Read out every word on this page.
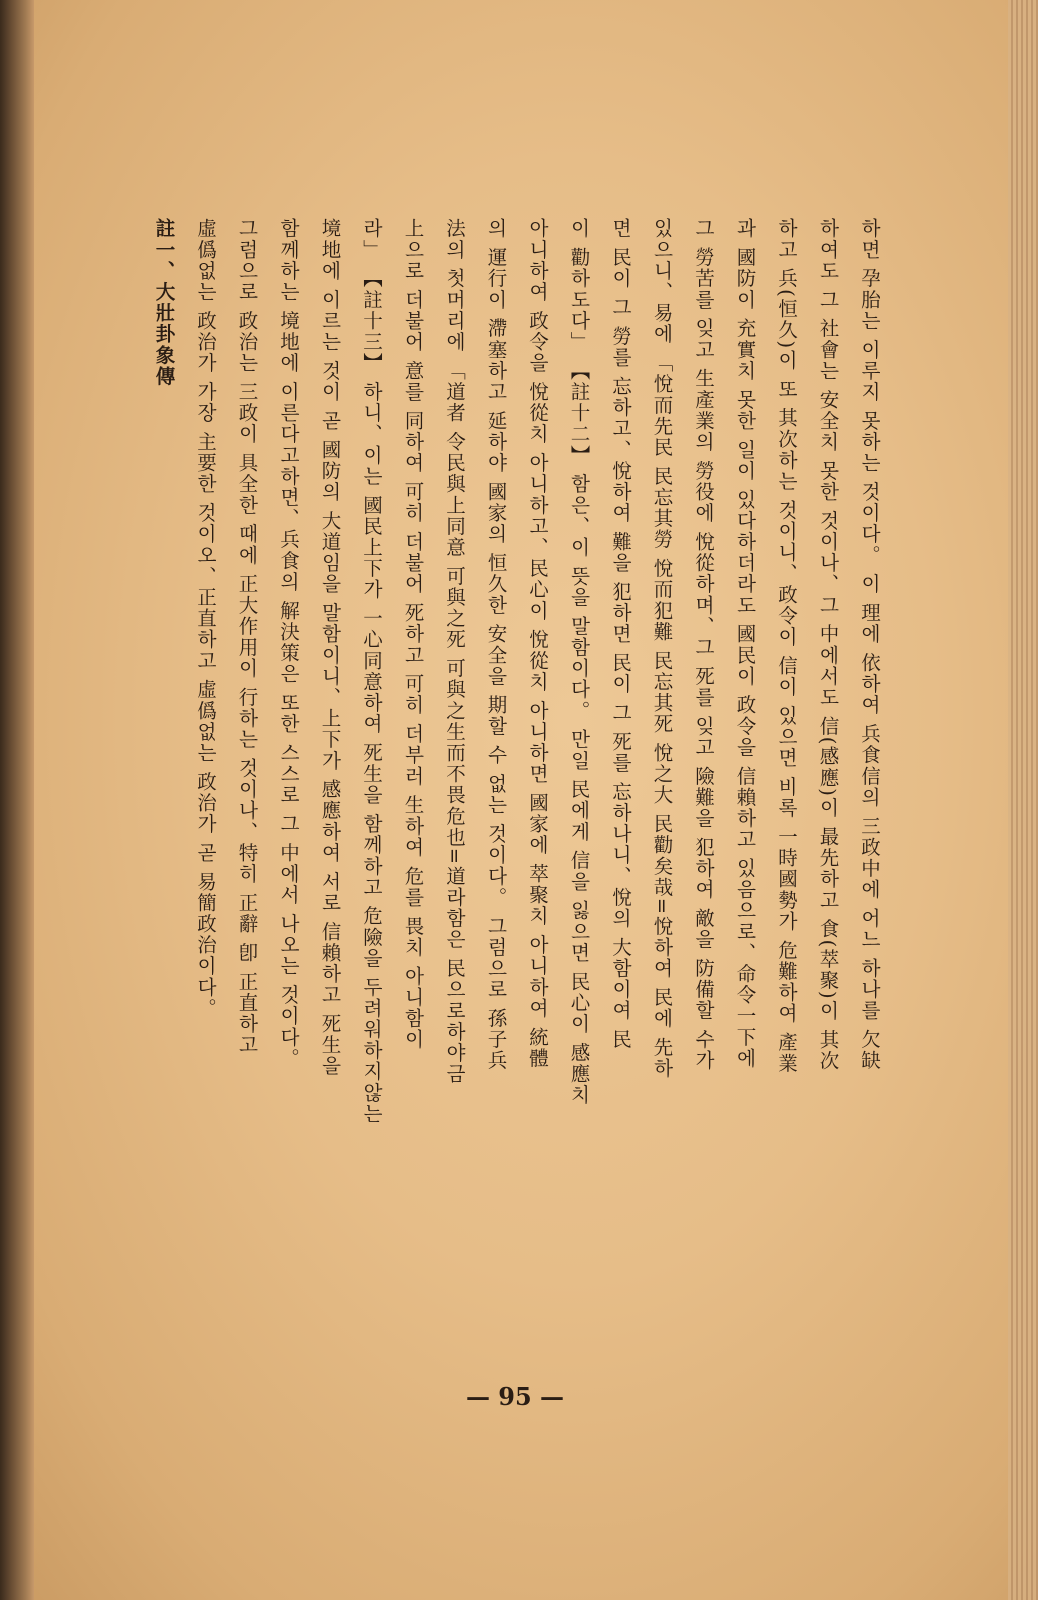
하면 孕胎는 이루지 못하는 것이다。 이 理에 依하여 兵食信의 三政中에 어느 하나를 欠缺
하여도 그 社會는 安全치 못한 것이나、그 中에서도 信(感應)이 最先하고 食(萃聚)이 其次
하고 兵(恒久)이 또 其次하는 것이니、政令이 信이 있으면 비록 一時國勢가 危難하여 產業
과 國防이 充實치 못한 일이 있다하더라도 國民이 政令을 信賴하고 있음으로、命令一下에
그 勞苦를 잊고 生產業의 勞役에 悅從하며、그 死를 잊고 險難을 犯하여 敵을 防備할 수가
있으니、易에 「悅而先民 民忘其勞 悅而犯難 民忘其死 悅之大 民勸矣哉=悅하여 民에 先하
면 民이 그 勞를 忘하고、悅하여 難을 犯하면 民이 그 死를 忘하나니、悅의 大함이여 民
이 勸하도다」 【註十二】 함은、이 뜻을 말함이다。 만일 民에게 信을 잃으면 民心이 感應치
아니하여 政令을 悅從치 아니하고、民心이 悅從치 아니하면 國家에 萃聚치 아니하여 統體
의 運行이 滯塞하고 延하야 國家의 恒久한 安全을 期할 수 없는 것이다。 그럼으로 孫子兵
法의 첫머리에 「道者 令民與上同意 可與之死 可與之生而不畏危也=道라함은 民으로하야금
上으로 더불어 意를 同하여 可히 더불어 死하고 可히 더부러 生하여 危를 畏치 아니함이
라」 【註十三】 하니、이는 國民上下가 一心同意하여 死生을 함께하고 危險을 두려워하지않는
境地에 이르는 것이 곧 國防의 大道임을 말함이니、上下가 感應하여 서로 信賴하고 死生을
함께하는 境地에 이른다고하면、兵食의 解決策은 또한 스스로 그 中에서 나오는 것이다。
그럼으로 政治는 三政이 具全한 때에 正大作用이 行하는 것이나、特히 正辭 卽 正直하고
虛僞없는 政治가 가장 主要한 것이오、正直하고 虛僞없는 政治가 곧 易簡政治이다。
註一、大壯卦象傳
— 95 —
